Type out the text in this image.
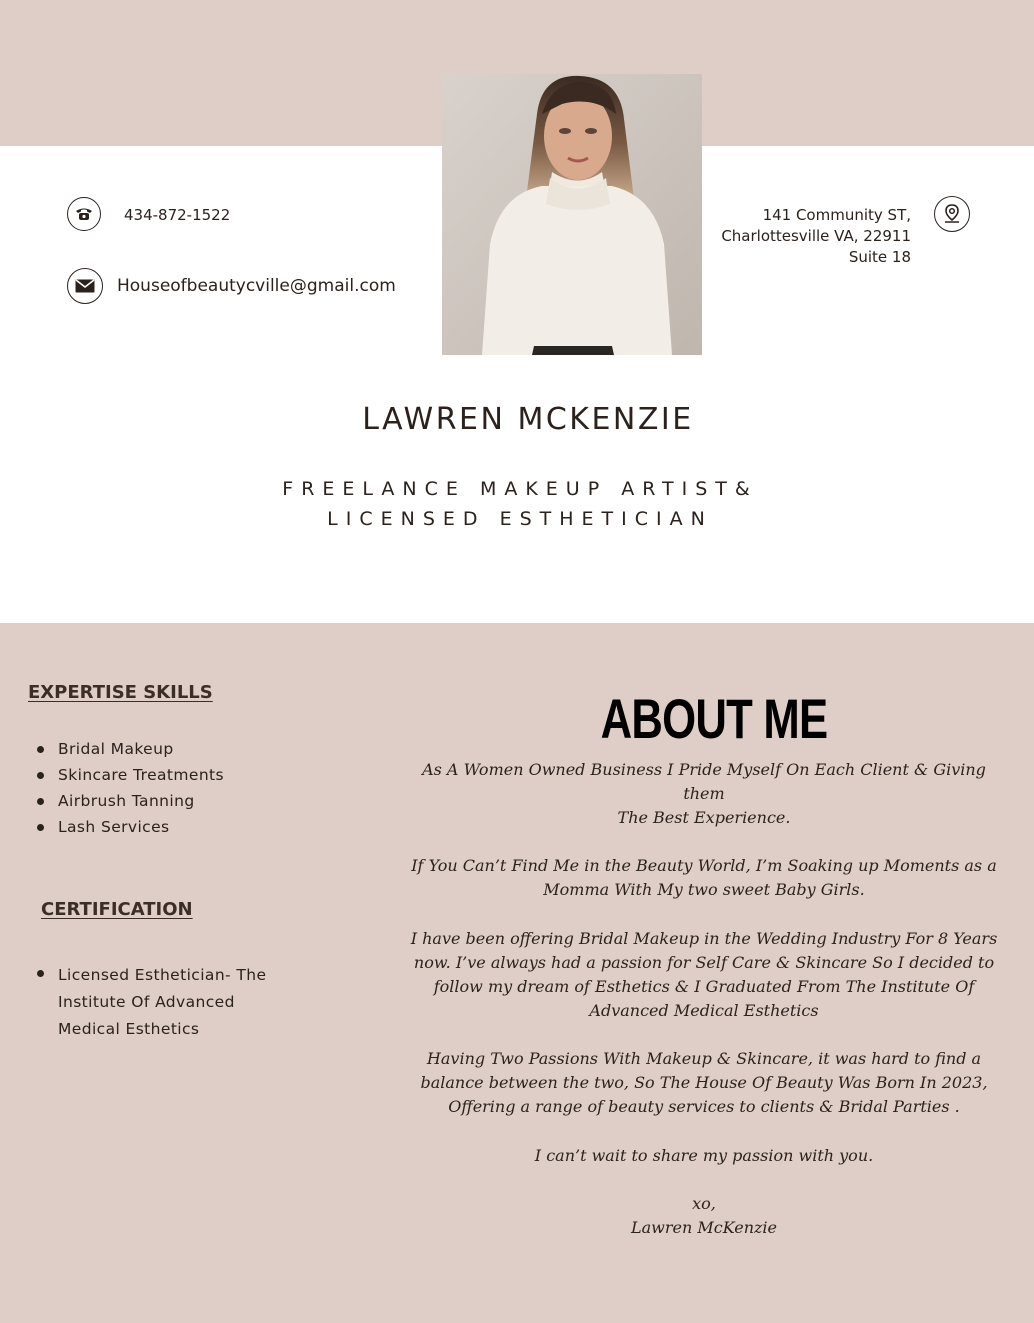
434-872-1522
Houseofbeautycville@gmail.com
141 Community ST,
Charlottesville VA, 22911
Suite 18
LAWREN MCKENZIE
FREELANCE MAKEUP ARTIST&
LICENSED ESTHETICIAN
EXPERTISE SKILLS
Bridal Makeup
Skincare Treatments
Airbrush Tanning
Lash Services
CERTIFICATION
Licensed Esthetician- The Institute Of Advanced Medical Esthetics
ABOUT ME

As A Women Owned Business I Pride Myself On Each Client & Giving them
The Best Experience.

If You Can’t Find Me in the Beauty World, I’m Soaking up Moments as a
Momma With My two sweet Baby Girls.

I have been offering Bridal Makeup in the Wedding Industry For 8 Years
now. I’ve always had a passion for Self Care & Skincare So I decided to
follow my dream of Esthetics & I Graduated From The Institute Of
Advanced Medical Esthetics

Having Two Passions With Makeup & Skincare, it was hard to find a
balance between the two, So The House Of Beauty Was Born In 2023,
Offering a range of beauty services to clients & Bridal Parties .

I can’t wait to share my passion with you.

xo,
Lawren McKenzie
